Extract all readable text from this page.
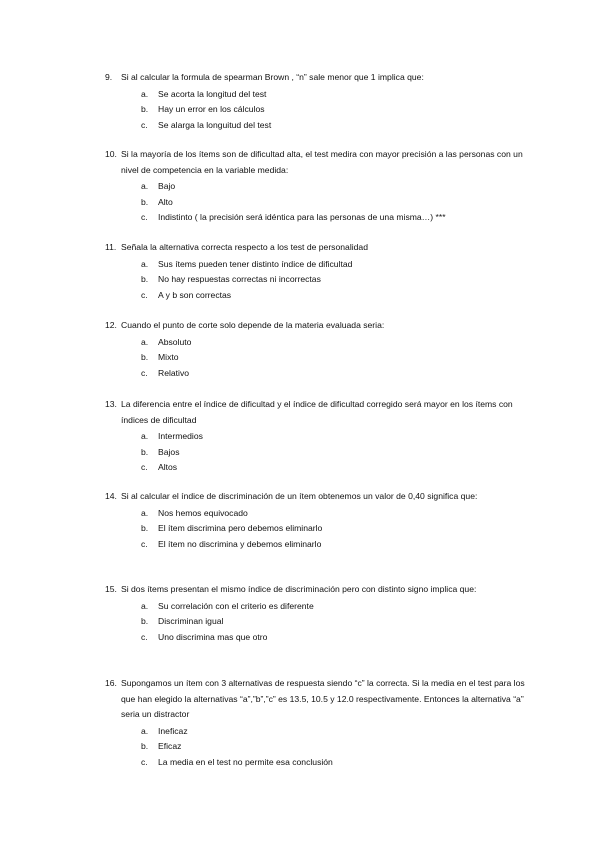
9. Si al calcular la formula de spearman Brown , “n” sale menor que 1 implica que:
a. Se acorta la longitud del test
b. Hay un error en los cálculos
c. Se alarga la longuitud del test
10. Si la mayoría de los ítems son de dificultad alta, el test medira con mayor precisión a las personas con un nivel de competencia en la variable medida:
a. Bajo
b. Alto
c. Indistinto ( la precisión será idéntica para las personas de una misma…) ***
11. Señala la alternativa correcta respecto a los test de personalidad
a. Sus ítems pueden tener distinto índice de dificultad
b. No hay respuestas correctas ni incorrectas
c. A y b son correctas
12. Cuando el punto de corte solo depende de la materia evaluada seria:
a. Absoluto
b. Mixto
c. Relativo
13. La diferencia entre el índice de dificultad y el índice de dificultad corregido será mayor en los ítems con índices de dificultad
a. Intermedios
b. Bajos
c. Altos
14. Si al calcular el índice de discriminación de un ítem obtenemos un valor de 0,40 significa que:
a. Nos hemos equivocado
b. El ítem discrimina pero debemos eliminarlo
c. El ítem no discrimina y debemos eliminarlo
15. Si dos ítems presentan el mismo índice de discriminación pero con distinto signo implica que:
a. Su correlación con el criterio es diferente
b. Discriminan igual
c. Uno discrimina mas que otro
16. Supongamos un ítem con 3 alternativas de respuesta siendo “c” la correcta. Si la media en el test para los que han elegido la alternativas “a”,”b”,”c” es 13.5, 10.5 y 12.0 respectivamente. Entonces la alternativa “a” seria un distractor
a. Ineficaz
b. Eficaz
c. La media en el test no permite esa conclusión
